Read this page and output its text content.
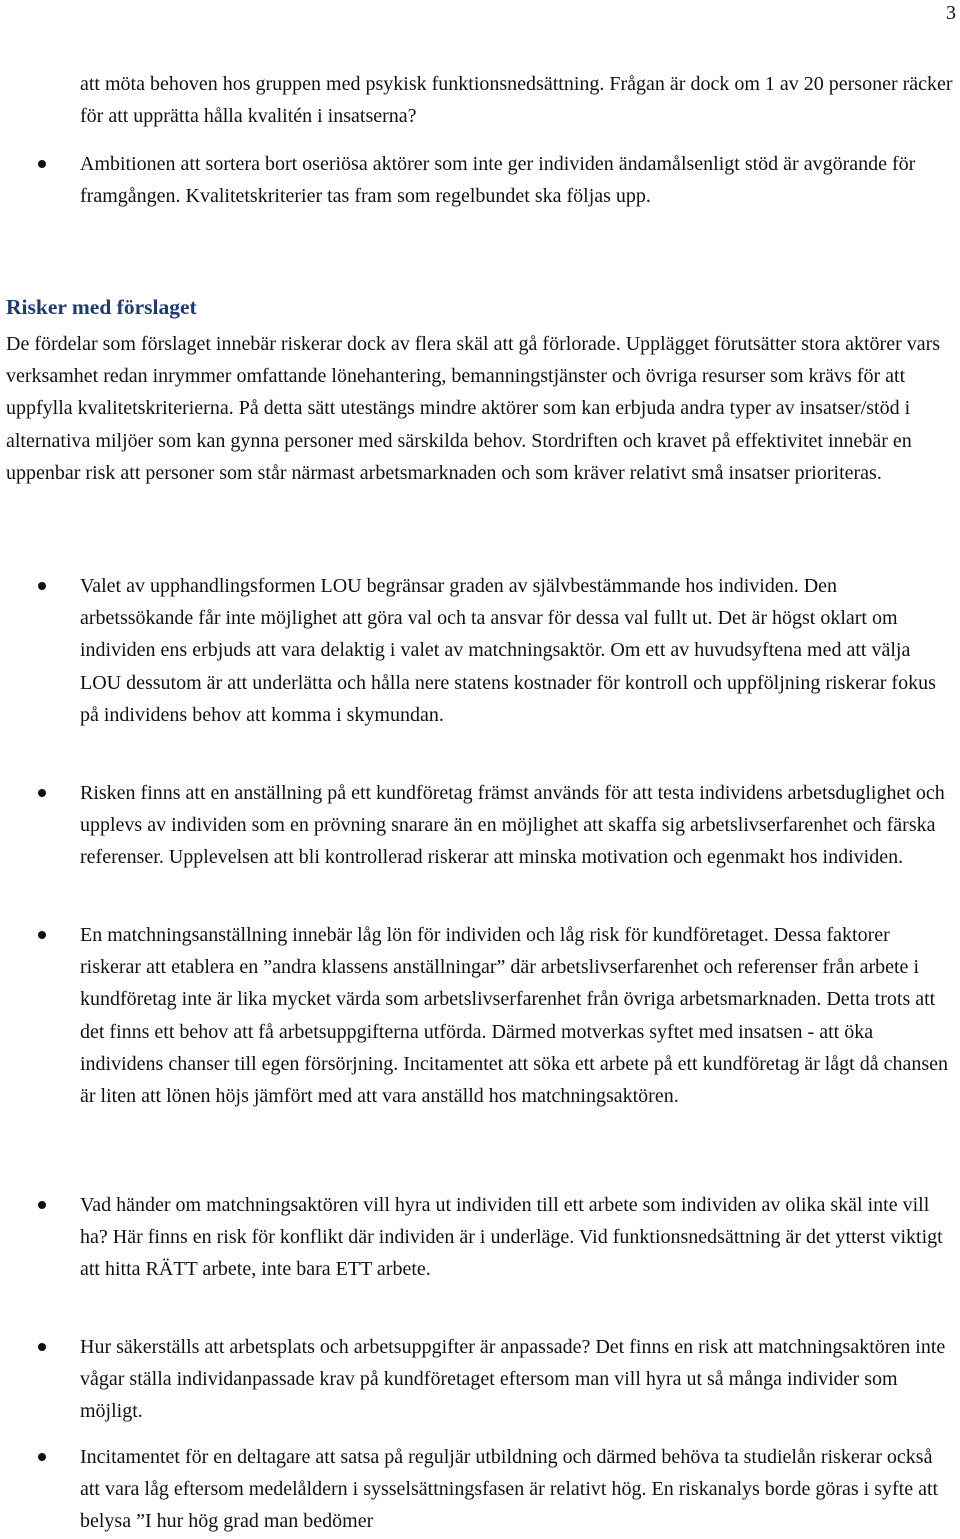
3
att möta behoven hos gruppen med psykisk funktionsnedsättning. Frågan är dock om 1 av 20 personer räcker för att upprätta hålla kvalitén i insatserna?
Ambitionen att sortera bort oseriösa aktörer som inte ger individen ändamålsenligt stöd är avgörande för framgången. Kvalitetskriterier tas fram som regelbundet ska följas upp.
Risker med förslaget
De fördelar som förslaget innebär riskerar dock av flera skäl att gå förlorade. Upplägget förutsätter stora aktörer vars verksamhet redan inrymmer omfattande lönehantering, bemanningstjänster och övriga resurser som krävs för att uppfylla kvalitetskriterierna. På detta sätt utestängs mindre aktörer som kan erbjuda andra typer av insatser/stöd i alternativa miljöer som kan gynna personer med särskilda behov. Stordriften och kravet på effektivitet innebär en uppenbar risk att personer som står närmast arbetsmarknaden och som kräver relativt små insatser prioriteras.
Valet av upphandlingsformen LOU begränsar graden av självbestämmande hos individen. Den arbetssökande får inte möjlighet att göra val och ta ansvar för dessa val fullt ut. Det är högst oklart om individen ens erbjuds att vara delaktig i valet av matchningsaktör. Om ett av huvudsyftena med att välja LOU dessutom är att underlätta och hålla nere statens kostnader för kontroll och uppföljning riskerar fokus på individens behov att komma i skymundan.
Risken finns att en anställning på ett kundföretag främst används för att testa individens arbetsduglighet och upplevs av individen som en prövning snarare än en möjlighet att skaffa sig arbetslivserfarenhet och färska referenser. Upplevelsen att bli kontrollerad riskerar att minska motivation och egenmakt hos individen.
En matchningsanställning innebär låg lön för individen och låg risk för kundföretaget. Dessa faktorer riskerar att etablera en ”andra klassens anställningar” där arbetslivserfarenhet och referenser från arbete i kundföretag inte är lika mycket värda som arbetslivserfarenhet från övriga arbetsmarknaden. Detta trots att det finns ett behov att få arbetsuppgifterna utförda. Därmed motverkas syftet med insatsen - att öka individens chanser till egen försörjning. Incitamentet att söka ett arbete på ett kundföretag är lågt då chansen är liten att lönen höjs jämfört med att vara anställd hos matchningsaktören.
Vad händer om matchningsaktören vill hyra ut individen till ett arbete som individen av olika skäl inte vill ha? Här finns en risk för konflikt där individen är i underläge. Vid funktionsnedsättning är det ytterst viktigt att hitta RÄTT arbete, inte bara ETT arbete.
Hur säkerställs att arbetsplats och arbetsuppgifter är anpassade? Det finns en risk att matchningsaktören inte vågar ställa individanpassade krav på kundföretaget eftersom man vill hyra ut så många individer som möjligt.
Incitamentet för en deltagare att satsa på reguljär utbildning och därmed behöva ta studielån riskerar också att vara låg eftersom medelåldern i sysselsättningsfasen är relativt hög. En riskanalys borde göras i syfte att belysa ”I hur hög grad man bedömer
